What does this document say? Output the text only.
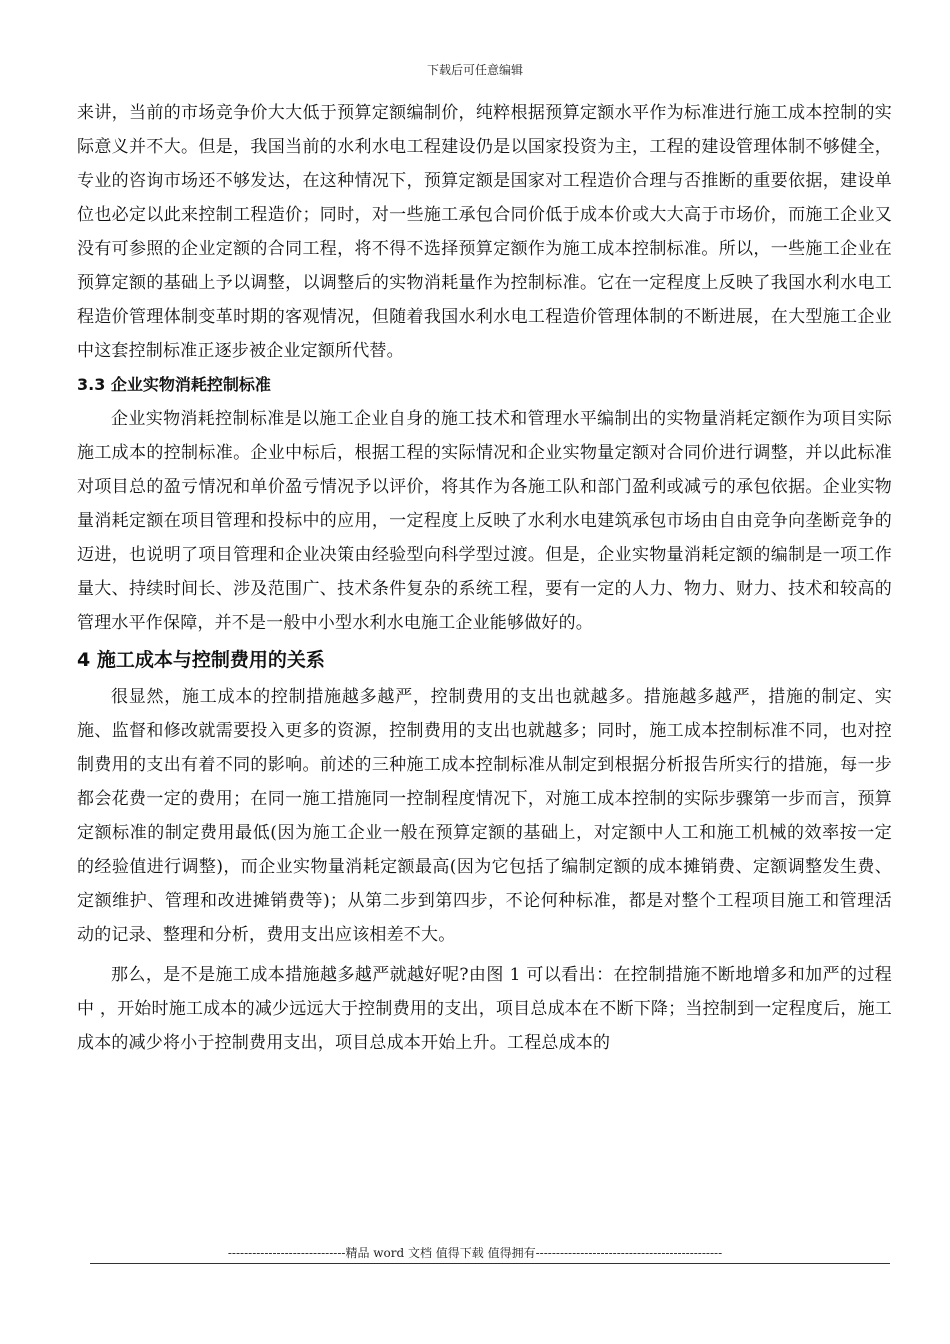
下载后可任意编辑

来讲，当前的市场竞争价大大低于预算定额编制价，纯粹根据预算定额水平作为标准进行施工成本控制的实际意义并不大。但是，我国当前的水利水电工程建设仍是以国家投资为主，工程的建设管理体制不够健全，专业的咨询市场还不够发达，在这种情况下，预算定额是国家对工程造价合理与否推断的重要依据，建设单位也必定以此来控制工程造价；同时，对一些施工承包合同价低于成本价或大大高于市场价，而施工企业又没有可参照的企业定额的合同工程，将不得不选择预算定额作为施工成本控制标准。所以，一些施工企业在预算定额的基础上予以调整，以调整后的实物消耗量作为控制标准。它在一定程度上反映了我国水利水电工程造价管理体制变革时期的客观情况，但随着我国水利水电工程造价管理体制的不断进展，在大型施工企业中这套控制标准正逐步被企业定额所代替。

3.3 企业实物消耗控制标准

企业实物消耗控制标准是以施工企业自身的施工技术和管理水平编制出的实物量消耗定额作为项目实际施工成本的控制标准。企业中标后，根据工程的实际情况和企业实物量定额对合同价进行调整，并以此标准对项目总的盈亏情况和单价盈亏情况予以评价，将其作为各施工队和部门盈利或减亏的承包依据。企业实物量消耗定额在项目管理和投标中的应用，一定程度上反映了水利水电建筑承包市场由自由竞争向垄断竞争的迈进，也说明了项目管理和企业决策由经验型向科学型过渡。但是，企业实物量消耗定额的编制是一项工作量大、持续时间长、涉及范围广、技术条件复杂的系统工程，要有一定的人力、物力、财力、技术和较高的管理水平作保障，并不是一般中小型水利水电施工企业能够做好的。

4 施工成本与控制费用的关系

很显然，施工成本的控制措施越多越严，控制费用的支出也就越多。措施越多越严，措施的制定、实施、监督和修改就需要投入更多的资源，控制费用的支出也就越多；同时，施工成本控制标准不同，也对控制费用的支出有着不同的影响。前述的三种施工成本控制标准从制定到根据分析报告所实行的措施，每一步都会花费一定的费用；在同一施工措施同一控制程度情况下，对施工成本控制的实际步骤第一步而言，预算定额标准的制定费用最低(因为施工企业一般在预算定额的基础上，对定额中人工和施工机械的效率按一定的经验值进行调整)，而企业实物量消耗定额最高(因为它包括了编制定额的成本摊销费、定额调整发生费、定额维护、管理和改进摊销费等)；从第二步到第四步，不论何种标准，都是对整个工程项目施工和管理活动的记录、整理和分析，费用支出应该相差不大。

那么，是不是施工成本措施越多越严就越好呢?由图 1 可以看出：在控制措施不断地增多和加严的过程中 ，开始时施工成本的减少远远大于控制费用的支出，项目总成本在不断下降；当控制到一定程度后，施工成本的减少将小于控制费用支出，项目总成本开始上升。工程总成本的

-----------------------------精品 word 文档 值得下载 值得拥有----------------------------------------------
